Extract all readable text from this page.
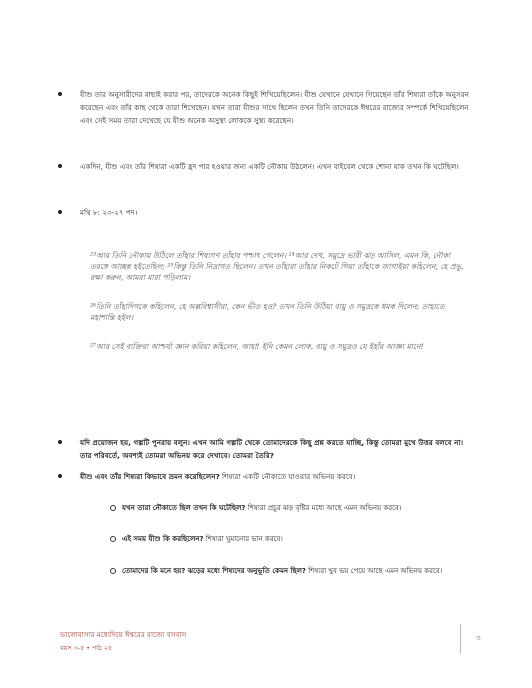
যীশু তার অনুসারীদের বাছাই করার পর, তাদেরকে অনেক কিছুই শিখিয়েছিলেন। যীশু যেখানে যেখানে গিয়েছেন তাঁর শিষ্যরা তাঁকে অনুসরন করেছেন এবং তাঁর কাছ থেকে তারা শিখেছেন। যখন তারা যীশুর সাথে ছিলেন তখন তিনি তাদেরকে ঈশ্বরের রাজ্যের সম্পর্কে শিখিয়েছিলেন এবং সেই সময় তারা দেখেছে যে যীশু অনেক অসুস্থ্য লোককে সুস্থ্য করেছেন।
একদিন, যীশু এবং তাঁর শিষ্যরা একটি হ্রদ পার হওয়ার জন্য একটি নৌকায় উঠলেন। এখন বাইবেল থেকে শোনা যাক তখন কি ঘটেছিল।
মথি ৮: ২৩-২৭ পদ।

²³আর তিনি নৌকায় উঠিলে তাঁহার শিষ্যগণ তাঁহার পশ্চাৎ গেলেন। ²⁴আর দেখ, সমুদ্রে ভারী ঝড় আসিল, এমন কি, নৌকা তরঙ্গে আচ্ছন্ন হইতেছিল; ²⁵কিন্তু তিনি নিদ্রাগত ছিলেন। তখন তাঁহারা তাঁহার নিকটে গিয়া তাঁহাকে জাগাইয়া কহিলেন, হে প্রভু, রক্ষা করুন, আমরা মারা পড়িলাম।

²⁶তিনি তাঁহাদিগকে কহিলেন, হে অল্পবিশ্বাসীরা, কেন ভীত হও? তখন তিনি উঠিয়া বায়ু ও সমুদ্রকে ধমক দিলেন; তাহাতে মহাশান্তি হইল।

²⁷আর সেই ব্যক্তিরা আশ্চর্য্য জ্ঞান করিয়া কহিলেন, আহা! ইনি কেমন লোক, বায়ু ও সমুদ্রও যে ইহাঁর আজ্ঞা মানে!

যদি প্রয়োজন হয়, গল্পটি পুনরায় বলুন। এখন আমি গল্পটি থেকে তোমাদেরকে কিছু প্রশ্ন করতে যাচ্ছি, কিন্তু তোমরা মুখে উত্তর বলবে না। তার পরিবর্তে, অবশ্যই তোমরা অভিনয় করে দেখাবে। তোমরা তৈরি?
যীশু এবং তাঁর শিষ্যরা কিভাবে ভ্রমন করেছিলেন? শিষ্যরা একটি নৌকাতে যাওয়ার অভিনয় করবে।
যখন তারা নৌকাতে ছিল তখন কি ঘটেছিল? শিষ্যরা প্রচুর ঝড় বৃষ্টির মধ্যে আছে এমন অভিনয় করবে।
এই সময় যীশু কি করছিলেন? শিষ্যরা ঘুমানোর ভান করবে।
তোমাদের কি মনে হয়? ঝড়ের মধ্যে শিষ্যদের অনুভূতি কেমন ছিল? শিষ্যরা খুব ভয় পেয়ে আছে এমন অভিনয় করবে।
ভালোবাসার মধ্যেদিয়ে ঈশ্বরের রাজ্যে বসবাস
বয়স ৩-৫ • পাঠ ২৫
৩
